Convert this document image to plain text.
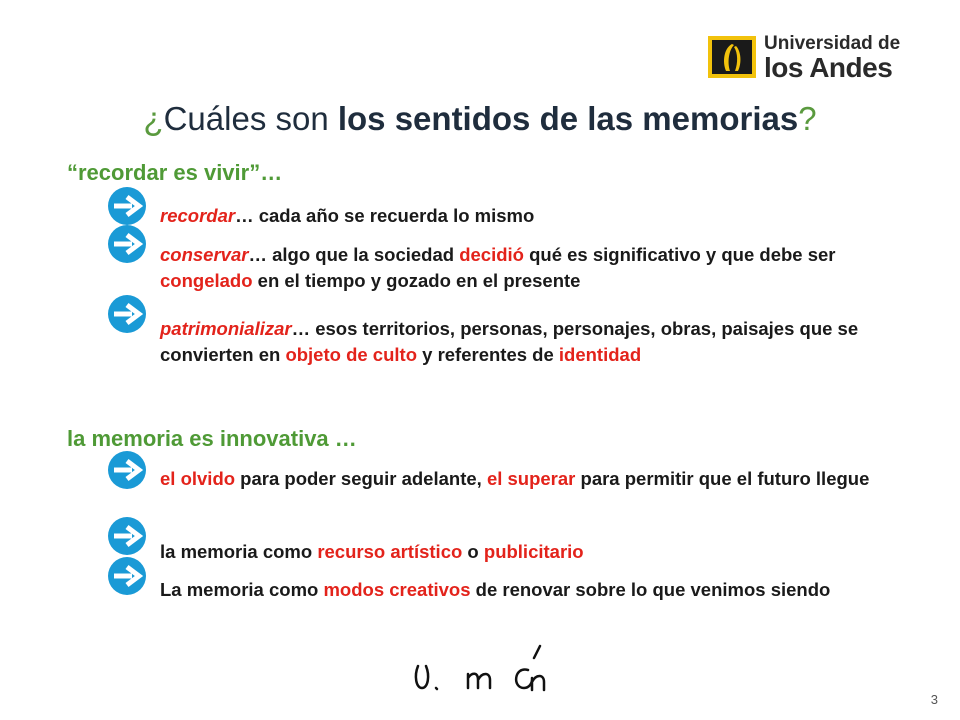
Universidad de
los Andes
¿Cuáles son los sentidos de las memorias?
“recordar es vivir”…
recordar… cada año se recuerda lo mismo
conservar… algo que la sociedad decidió qué es significativo y que debe ser congelado en el tiempo y gozado en el presente
patrimonializar… esos territorios, personas, personajes, obras, paisajes que se convierten en objeto de culto y referentes de identidad
la memoria es innovativa …
el olvido para poder seguir adelante, el superar para permitir que el futuro llegue
la memoria como recurso artístico o publicitario
La memoria como modos creativos de renovar sobre lo que venimos siendo
3
